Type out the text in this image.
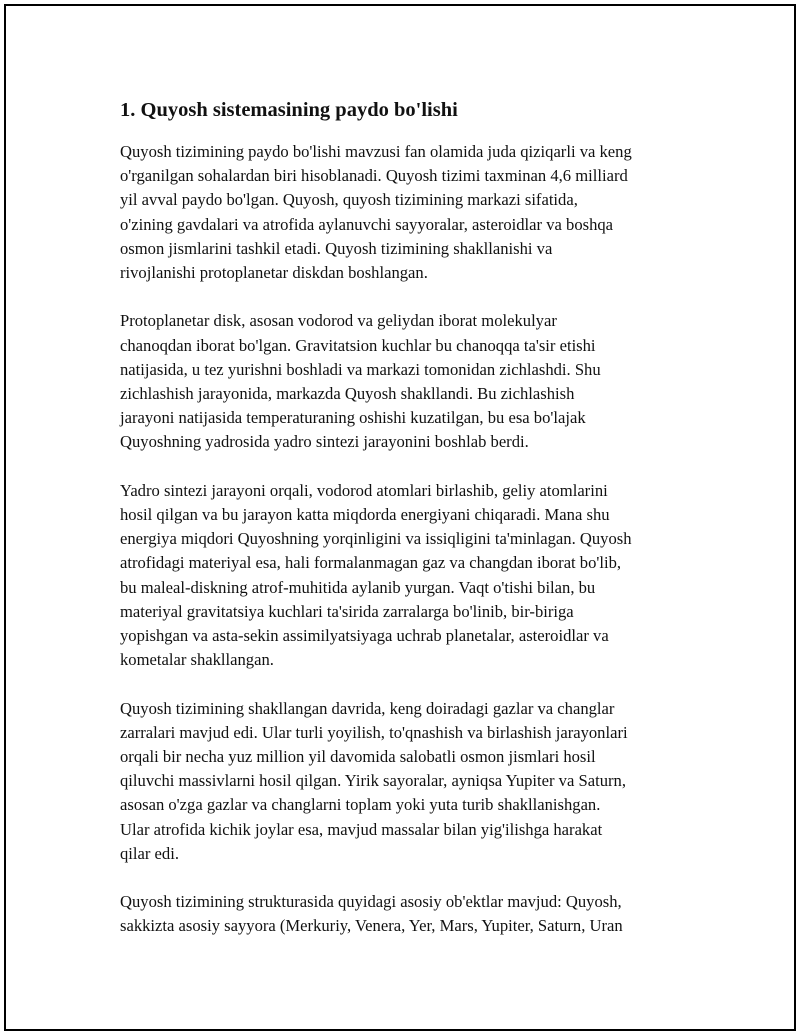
1. Quyosh sistemasining paydo bo'lishi

Quyosh tizimining paydo bo'lishi mavzusi fan olamida juda qiziqarli va keng
o'rganilgan sohalardan biri hisoblanadi. Quyosh tizimi taxminan 4,6 milliard
yil avval paydo bo'lgan. Quyosh, quyosh tizimining markazi sifatida,
o'zining gavdalari va atrofida aylanuvchi sayyoralar, asteroidlar va boshqa
osmon jismlarini tashkil etadi. Quyosh tizimining shakllanishi va
rivojlanishi protoplanetar diskdan boshlangan.

Protoplanetar disk, asosan vodorod va geliydan iborat molekulyar
chanoqdan iborat bo'lgan. Gravitatsion kuchlar bu chanoqqa ta'sir etishi
natijasida, u tez yurishni boshladi va markazi tomonidan zichlashdi. Shu
zichlashish jarayonida, markazda Quyosh shakllandi. Bu zichlashish
jarayoni natijasida temperaturaning oshishi kuzatilgan, bu esa bo'lajak
Quyoshning yadrosida yadro sintezi jarayonini boshlab berdi.

Yadro sintezi jarayoni orqali, vodorod atomlari birlashib, geliy atomlarini
hosil qilgan va bu jarayon katta miqdorda energiyani chiqaradi. Mana shu
energiya miqdori Quyoshning yorqinligini va issiqligini ta'minlagan. Quyosh
atrofidagi materiyal esa, hali formalanmagan gaz va changdan iborat bo'lib,
bu maleal-diskning atrof-muhitida aylanib yurgan. Vaqt o'tishi bilan, bu
materiyal gravitatsiya kuchlari ta'sirida zarralarga bo'linib, bir-biriga
yopishgan va asta-sekin assimilyatsiyaga uchrab planetalar, asteroidlar va
kometalar shakllangan.

Quyosh tizimining shakllangan davrida, keng doiradagi gazlar va changlar
zarralari mavjud edi. Ular turli yoyilish, to'qnashish va birlashish jarayonlari
orqali bir necha yuz million yil davomida salobatli osmon jismlari hosil
qiluvchi massivlarni hosil qilgan. Yirik sayoralar, ayniqsa Yupiter va Saturn,
asosan o'zga gazlar va changlarni toplam yoki yuta turib shakllanishgan.
Ular atrofida kichik joylar esa, mavjud massalar bilan yig'ilishga harakat
qilar edi.

Quyosh tizimining strukturasida quyidagi asosiy ob'ektlar mavjud: Quyosh,
sakkizta asosiy sayyora (Merkuriy, Venera, Yer, Mars, Yupiter, Saturn, Uran
